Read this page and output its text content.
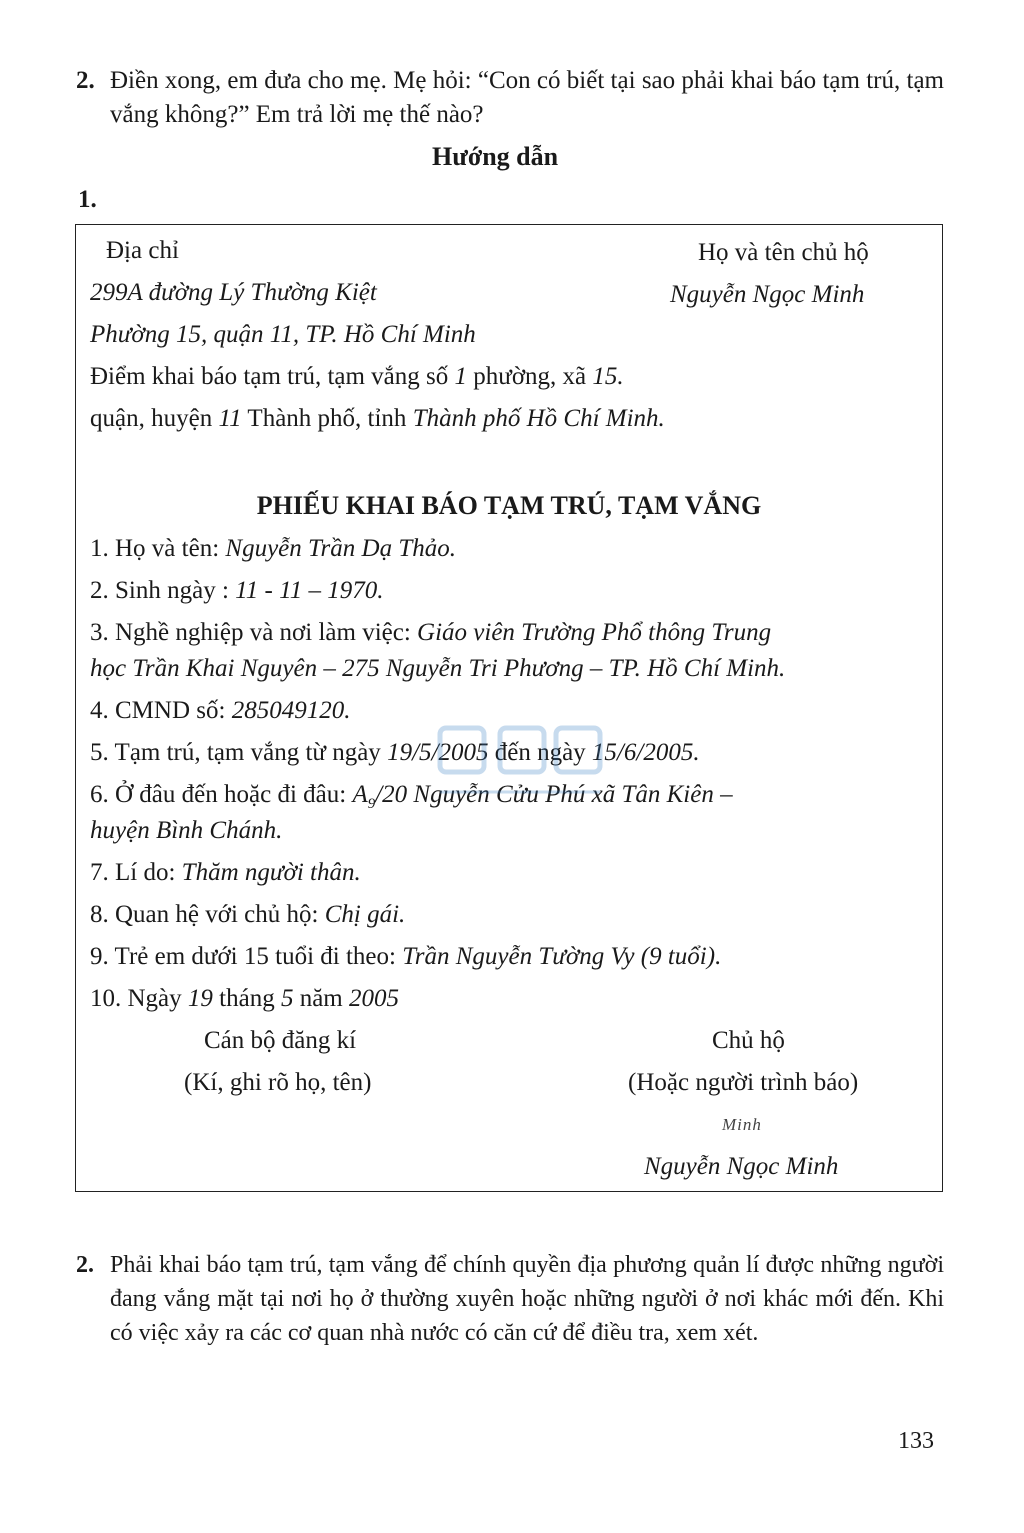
2. Điền xong, em đưa cho mẹ. Mẹ hỏi: “Con có biết tại sao phải khai báo tạm trú, tạm vắng không?” Em trả lời mẹ thế nào?
Hướng dẫn
1.
Địa chỉ	Họ và tên chủ hộ
299A đường Lý Thường Kiệt	Nguyễn Ngọc Minh
Phường 15, quận 11, TP. Hồ Chí Minh
Điểm khai báo tạm trú, tạm vắng số 1 phường, xã 15.
quận, huyện 11 Thành phố, tỉnh Thành phố Hồ Chí Minh.
PHIẾU KHAI BÁO TẠM TRÚ, TẠM VẮNG
1. Họ và tên: Nguyễn Trần Dạ Thảo.
2. Sinh ngày : 11 - 11 – 1970.
3. Nghề nghiệp và nơi làm việc: Giáo viên Trường Phổ thông Trung
học Trần Khai Nguyên – 275 Nguyễn Tri Phương – TP. Hồ Chí Minh.
4. CMND số: 285049120.
5. Tạm trú, tạm vắng từ ngày 19/5/2005 đến ngày 15/6/2005.
6. Ở đâu đến hoặc đi đâu: $A_9/20$ Nguyễn Cửu Phú xã Tân Kiên –
huyện Bình Chánh.
7. Lí do: Thăm người thân.
8. Quan hệ với chủ hộ: Chị gái.
9. Trẻ em dưới 15 tuổi đi theo: Trần Nguyễn Tường Vy (9 tuổi).
10. Ngày 19 tháng 5 năm 2005
Cán bộ đăng kí
(Kí, ghi rõ họ, tên)
Chủ hộ
(Hoặc người trình báo)
Minh
Nguyễn Ngọc Minh
2. Phải khai báo tạm trú, tạm vắng để chính quyền địa phương quản lí được những người đang vắng mặt tại nơi họ ở thường xuyên hoặc những người ở nơi khác mới đến. Khi có việc xảy ra các cơ quan nhà nước có căn cứ để điều tra, xem xét.
133
